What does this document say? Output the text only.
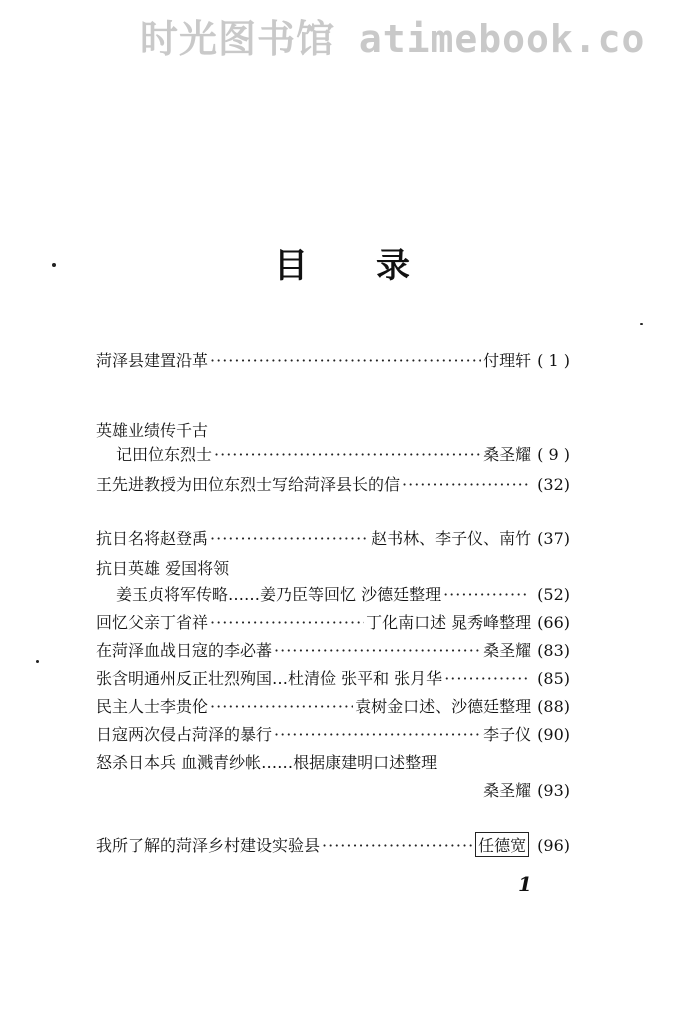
时光图书馆 atimebook.co
目录
菏泽县建置沿革 ·····	付理轩 ( 1 )
英雄业绩传千古
记田位东烈士 ·····	桑圣耀 ( 9 )
王先进教授为田位东烈士写给菏泽县长的信 ·····	(32)
抗日名将赵登禹 ·····	赵书林、李子仪、南竹 (37)
抗日英雄 爱国将领
姜玉贞将军传略……姜乃臣等回忆 沙德廷整理 ·····	(52)
回忆父亲丁省祥 ·····	丁化南口述 晁秀峰整理 (66)
在菏泽血战日寇的李必蕃 ·····	桑圣耀 (83)
张含明通州反正壮烈殉国…杜清俭 张平和 张月华 ·····	(85)
民主人士李贵伦 ·····	袁树金口述、沙德廷整理 (88)
日寇两次侵占菏泽的暴行 ·····	李子仪 (90)
怒杀日本兵 血溅青纱帐……根据康建明口述整理
桑圣耀 (93)
我所了解的菏泽乡村建设实验县 ·····	任德宽 (96)
1
